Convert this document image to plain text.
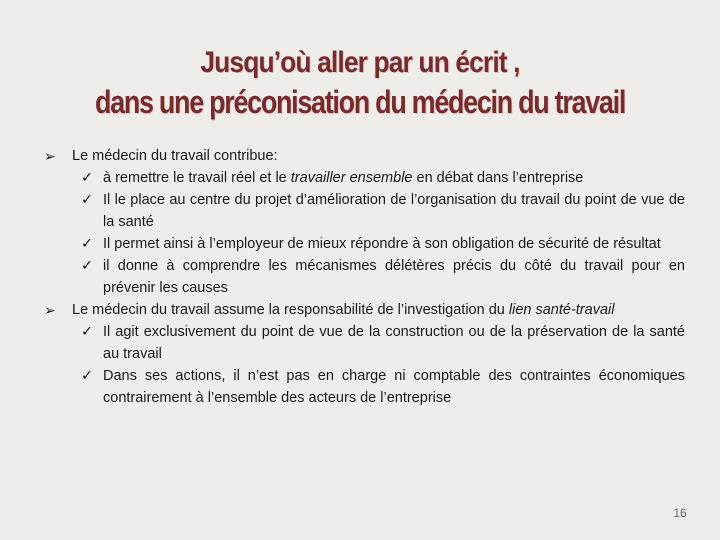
Jusqu’où aller par un écrit ,
dans une préconisation du médecin du travail

➢ Le médecin du travail contribue:

✓ à remettre le travail réel et le travailler ensemble en débat dans l’entreprise

✓ Il le place au centre du projet d’amélioration de l’organisation du travail du point de vue de la santé

✓ Il permet ainsi à l’employeur de mieux répondre à son obligation de sécurité de résultat

✓ il donne à comprendre les mécanismes délétères précis du côté du travail pour en prévenir les causes

➢ Le médecin du travail assume la responsabilité de l’investigation du lien santé-travail

✓ Il agit exclusivement du point de vue de la construction ou de la préservation de la santé au travail

✓ Dans ses actions, il n’est pas en charge ni comptable des contraintes économiques contrairement à l’ensemble des acteurs de l’entreprise

16
